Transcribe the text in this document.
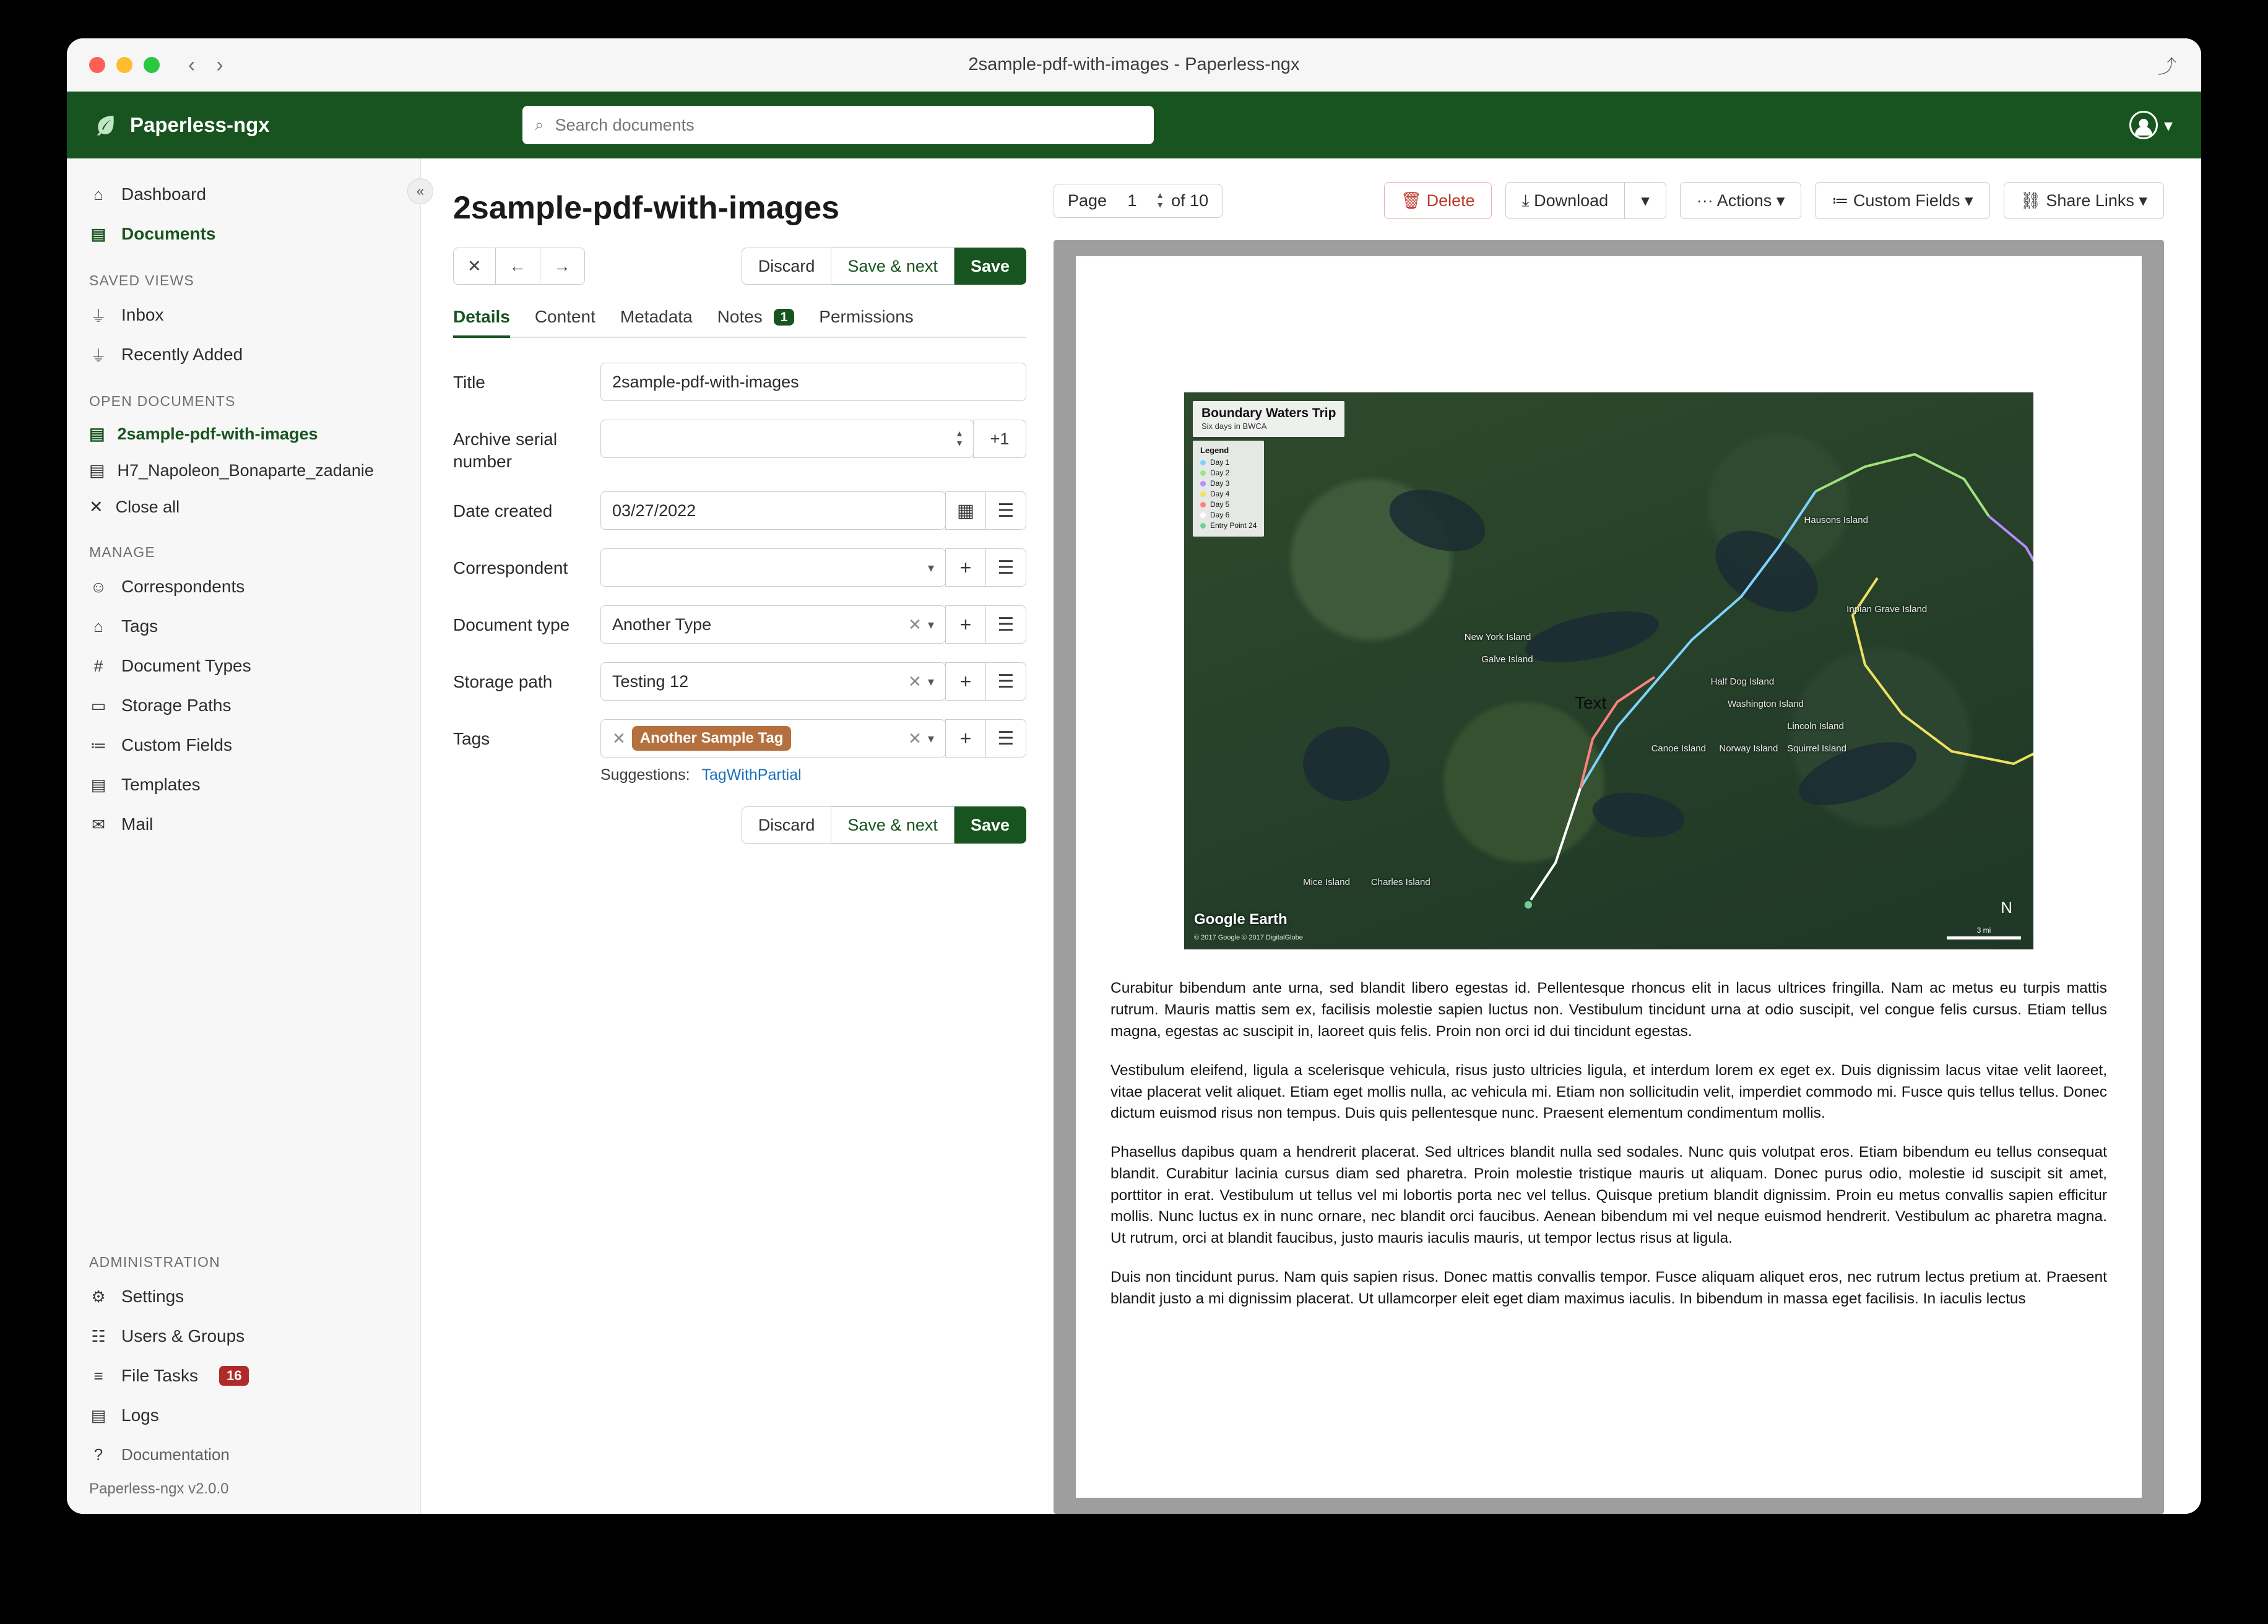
‹ ›	2sample-pdf-with-images - Paperless-ngx	⤴
Paperless-ngx	⌕
Search documents	▾
«
⌂ Dashboard
▤ Documents
SAVED VIEWS
⏚ Inbox
⏚ Recently Added
OPEN DOCUMENTS
▤ 2sample-pdf-with-images
▤ H7_Napoleon_Bonaparte_zadanie
✕ Close all
MANAGE
☺ Correspondents
⌂ Tags
# Document Types
▭ Storage Paths
≔ Custom Fields
▤ Templates
✉ Mail
ADMINISTRATION
⚙ Settings
☷ Users & Groups
≡ File Tasks	16
▤ Logs
? Documentation
Paperless-ngx v2.0.0
2sample-pdf-with-images
✕	←	→	Discard	Save & next	Save
Details Content Metadata Notes 1	Permissions
Title	2sample-pdf-with-images
Archive serial number
▴
▾	+1
Date created	03/27/2022	▦	☰
Correspondent	▾	+	☰
Document type	Another Type	✕ ▾	+	☰
Storage path	Testing 12	✕ ▾	+	☰
Tags	✕ Another Sample Tag	✕ ▾	+	☰
Suggestions: TagWithPartial
Discard	Save & next	Save
Page
1	▴
▾ of 10	🗑 Delete	⤓ Download	▾	··· Actions ▾	≔ Custom Fields ▾	⛓ Share Links ▾
Boundary Waters Trip
Six days in BWCA
Legend
Day 1
Day 2
Day 3
Day 4
Day 5
Day 6
Entry Point 24	Hausons Island
Inpian Grave Island
New York Island
Galve Island
Half Dog Island
Washington Island
Lincoln Island
Canoe Island Norway Island Squirrel Island
Mice Island Charles Island
Text
Google Earth
© 2017 Google © 2017 DigitalGlobe
N
3 mi

Curabitur bibendum ante urna, sed blandit libero egestas id. Pellentesque rhoncus elit in lacus ultrices fringilla. Nam ac metus eu turpis mattis rutrum. Mauris mattis sem ex, facilisis molestie sapien luctus non. Vestibulum tincidunt urna at odio suscipit, vel congue felis cursus. Etiam tellus magna, egestas ac suscipit in, laoreet quis felis. Proin non orci id dui tincidunt egestas.

Vestibulum eleifend, ligula a scelerisque vehicula, risus justo ultricies ligula, et interdum lorem ex eget ex. Duis dignissim lacus vitae velit laoreet, vitae placerat velit aliquet. Etiam eget mollis nulla, ac vehicula mi. Etiam non sollicitudin velit, imperdiet commodo mi. Fusce quis tellus tellus. Donec dictum euismod risus non tempus. Duis quis pellentesque nunc. Praesent elementum condimentum mollis.

Phasellus dapibus quam a hendrerit placerat. Sed ultrices blandit nulla sed sodales. Nunc quis volutpat eros. Etiam bibendum eu tellus consequat blandit. Curabitur lacinia cursus diam sed pharetra. Proin molestie tristique mauris ut aliquam. Donec purus odio, molestie id suscipit sit amet, porttitor in erat. Vestibulum ut tellus vel mi lobortis porta nec vel tellus. Quisque pretium blandit dignissim. Proin eu metus convallis sapien efficitur mollis. Nunc luctus ex in nunc ornare, nec blandit orci faucibus. Aenean bibendum mi vel neque euismod hendrerit. Vestibulum ac pharetra magna. Ut rutrum, orci at blandit faucibus, justo mauris iaculis mauris, ut tempor lectus risus at ligula.

Duis non tincidunt purus. Nam quis sapien risus. Donec mattis convallis tempor. Fusce aliquam aliquet eros, nec rutrum lectus pretium at. Praesent blandit justo a mi dignissim placerat. Ut ullamcorper eleit eget diam maximus iaculis. In bibendum in massa eget facilisis. In iaculis lectus
